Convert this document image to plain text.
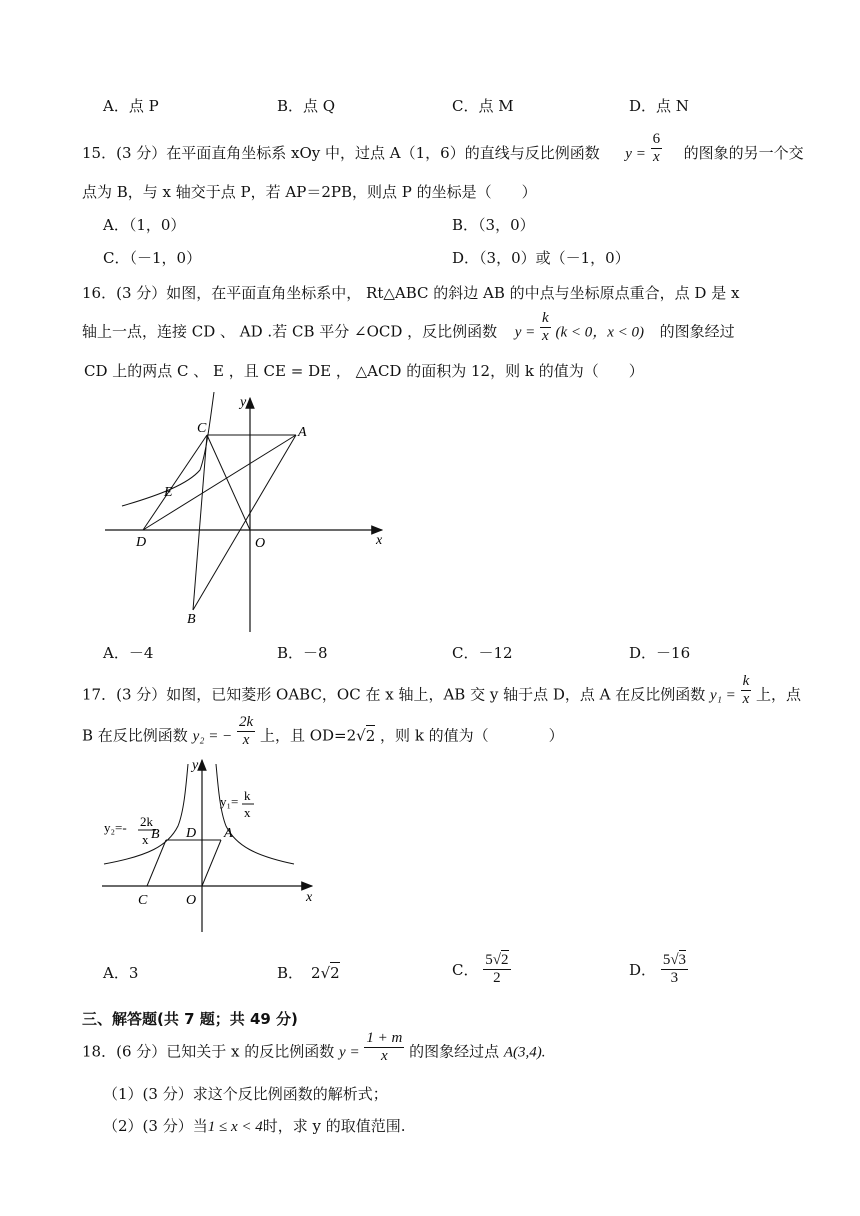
A．点 P	B．点 Q	C．点 M	D．点 N
15．(3 分）在平面直角坐标系 xOy 中，过点 A（1，6）的直线与反比例函数 $y = \frac{6}{x}$ 的图象的另一个交
点为 B，与 x 轴交于点 P，若 AP＝2PB，则点 P 的坐标是（　　）
A．（1，0）	B．（3，0）
C．（－1，0）	D．（3，0）或（－1，0）
16．(3 分）如图，在平面直角坐标系中， Rt△ABC 的斜边 AB 的中点与坐标原点重合，点 D 是 x
轴上一点，连接 CD 、 AD .若 CB 平分 ∠OCD ，反比例函数 $y = \frac{k}{x} (k < 0$，x < 0) 的图象经过
CD 上的两点 C 、 E ，且 CE = DE ， △ACD 的面积为 12，则 k 的值为（　　）
y
x
C	A
E
D	O
B
A．－4	B．－8	C．－12	D．－16
17．(3 分）如图，已知菱形 OABC，OC 在 x 轴上，AB 交 y 轴于点 D，点 A 在反比例函数 $y_1 = \frac{k}{x}$ 上，点
B 在反比例函数 y₂ = − $\frac{2k}{x}$ 上，且 OD=2√2 ，则 k 的值为（　　　　）
y₂=- 2k
x
y₁= k
x
y
x
B D A
C	O
A．3	B． 2√2	C． $\frac{5√2}{2}$	D． $\frac{5√3}{3}$
三、解答题(共 7 题；共 49 分)
18．(6 分）已知关于 x 的反比例函数 $y = \frac{1 + m}{x}$ 的图象经过点 A(3,4).
（1）(3 分）求这个反比例函数的解析式；
（2）(3 分）当1 ≤ x < 4时，求 y 的取值范围.
